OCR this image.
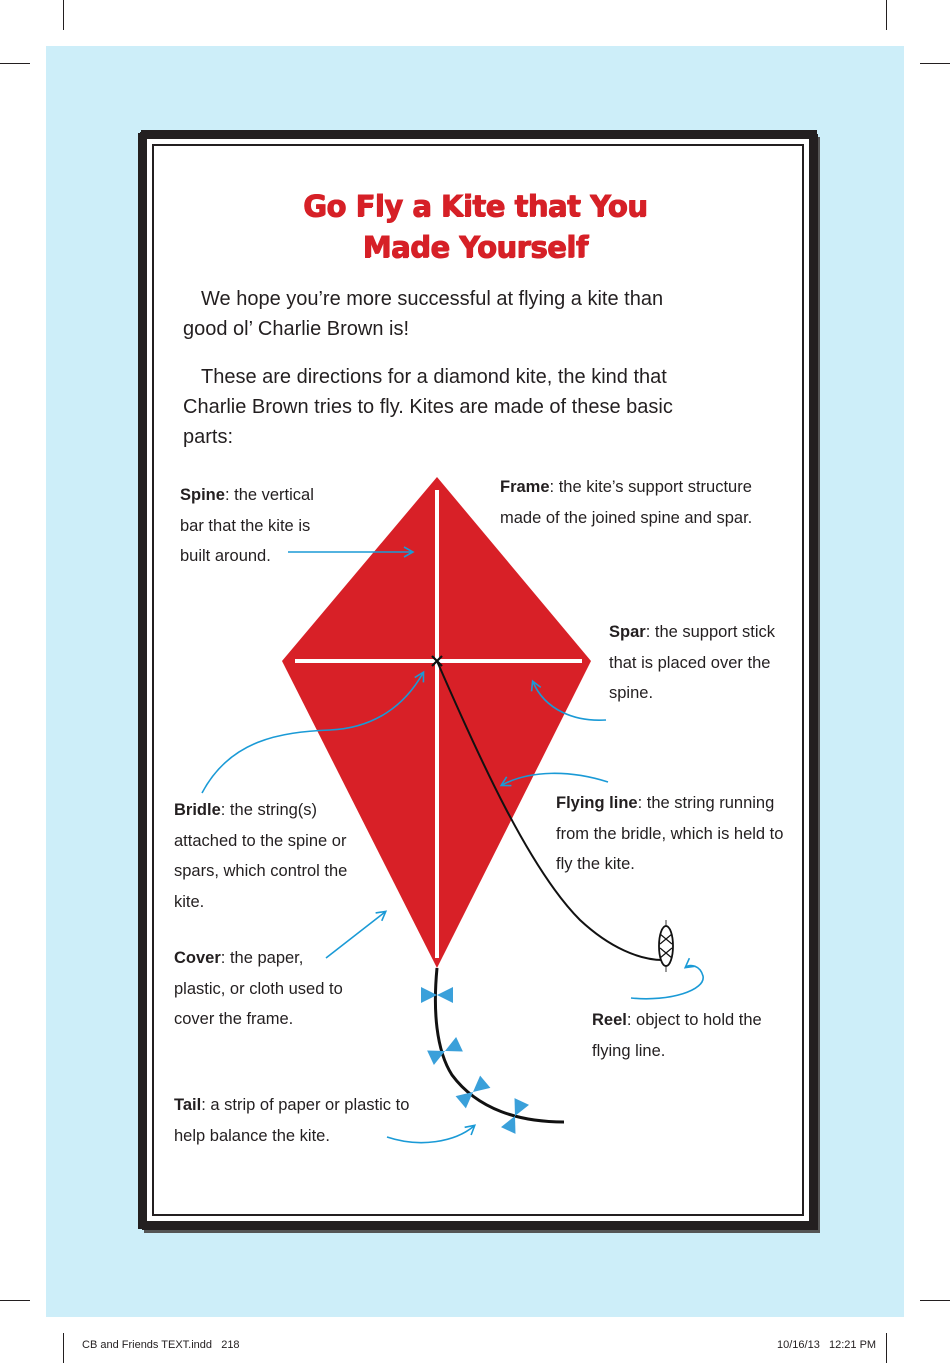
Go Fly a Kite that You
Made Yourself

We hope you’re more successful at flying a kite than good ol’ Charlie Brown is!

These are directions for a diamond kite, the kind that Charlie Brown tries to fly. Kites are made of these basic parts:

Spine: the vertical bar that the kite is built around.

Frame: the kite’s support structure made of the joined spine and spar.

Spar: the support stick that is placed over the spine.

Bridle: the string(s) attached to the spine or spars, which control the kite.

Flying line: the string running from the bridle, which is held to fly the kite.

Cover: the paper, plastic, or cloth used to cover the frame.	Reel: object to hold the flying line.

Tail: a strip of paper or plastic to help balance the kite.

CB and Friends TEXT.indd   218	10/16/13   12:21 PM
